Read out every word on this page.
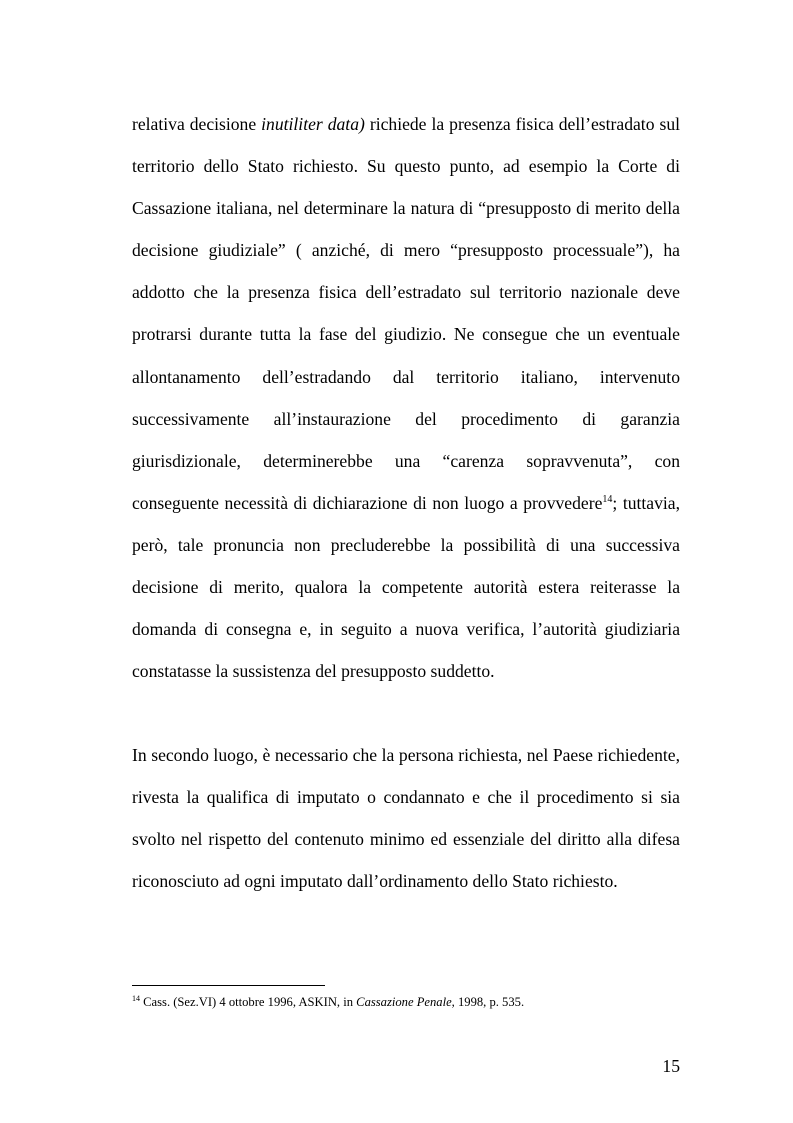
relativa decisione inutiliter data) richiede la presenza fisica dell’estradato sul territorio dello Stato richiesto. Su questo punto, ad esempio la Corte di Cassazione italiana, nel determinare la natura di “presupposto di merito della decisione giudiziale” ( anziché, di mero “presupposto processuale”), ha addotto che la presenza fisica dell’estradato sul territorio nazionale deve protrarsi durante tutta la fase del giudizio. Ne consegue che un eventuale allontanamento dell’estradando dal territorio italiano, intervenuto successivamente all’instaurazione del procedimento di garanzia giurisdizionale, determinerebbe una “carenza sopravvenuta”, con conseguente necessità di dichiarazione di non luogo a provvedere$^{14}$; tuttavia, però, tale pronuncia non precluderebbe la possibilità di una successiva decisione di merito, qualora la competente autorità estera reiterasse la domanda di consegna e, in seguito a nuova verifica, l’autorità giudiziaria constatasse la sussistenza del presupposto suddetto.

In secondo luogo, è necessario che la persona richiesta, nel Paese richiedente, rivesta la qualifica di imputato o condannato e che il procedimento si sia svolto nel rispetto del contenuto minimo ed essenziale del diritto alla difesa riconosciuto ad ogni imputato dall’ordinamento dello Stato richiesto.

$^{14}$ Cass. (Sez.VI) 4 ottobre 1996, ASKIN, in Cassazione Penale, 1998, p. 535.

15
